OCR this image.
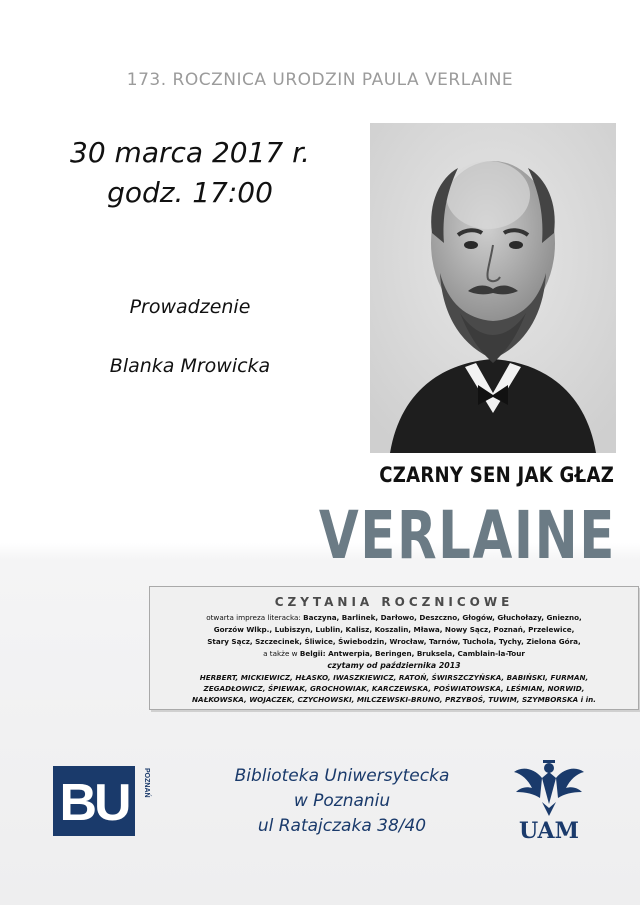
173. ROCZNICA URODZIN PAULA VERLAINE
30 marca 2017 r.
godz. 17:00
Prowadzenie
Blanka Mrowicka
CZARNY SEN JAK GŁAZ
VERLAINE
CZYTANIA ROCZNICOWE
otwarta impreza literacka: Baczyna, Barlinek, Darłowo, Deszczno, Głogów, Głuchołazy, Gniezno,
Gorzów Wlkp., Lubiszyn, Lublin, Kalisz, Koszalin, Mława, Nowy Sącz, Poznań, Przelewice,
Stary Sącz, Szczecinek, Śliwice, Świebodzin, Wrocław, Tarnów, Tuchola, Tychy, Zielona Góra,
a także w Belgii: Antwerpia, Beringen, Bruksela, Camblain-la-Tour
czytamy od października 2013
HERBERT, MICKIEWICZ, HŁASKO, IWASZKIEWICZ, RATOŃ, ŚWIRSZCZYŃSKA, BABIŃSKI, FURMAN,
ZEGADŁOWICZ, ŚPIEWAK, GROCHOWIAK, KARCZEWSKA, POŚWIATOWSKA, LEŚMIAN, NORWID,
NAŁKOWSKA, WOJACZEK, CZYCHOWSKI, MILCZEWSKI-BRUNO, PRZYBOŚ, TUWIM, SZYMBORSKA i in.
BU POZNAŃ	Biblioteka Uniwersytecka
w Poznaniu
ul Ratajczaka 38/40	UAM
